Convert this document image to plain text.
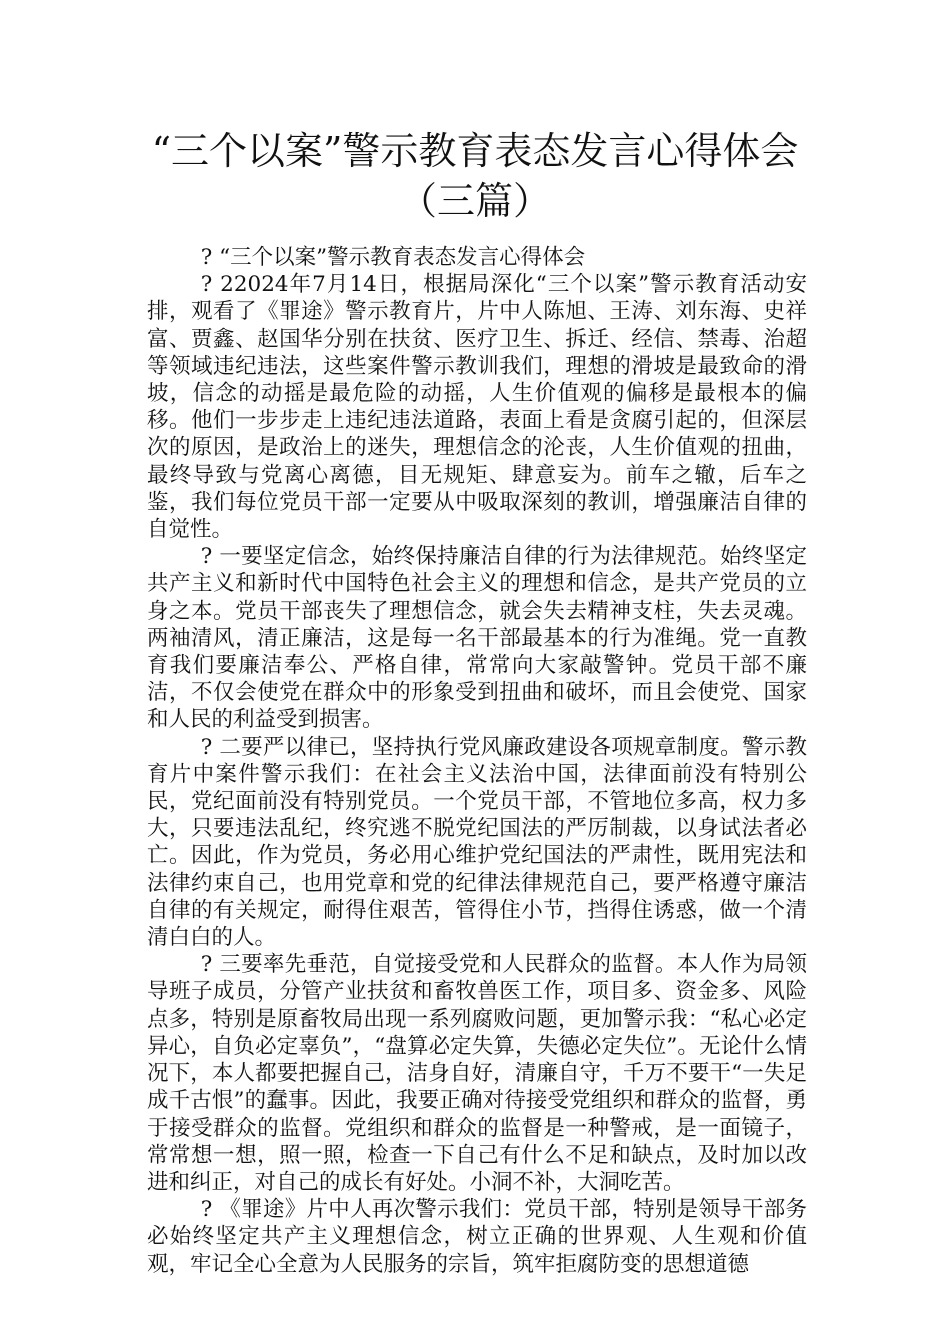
“三个以案”警示教育表态发言心得体会
（三篇）

? “三个以案”警示教育表态发言心得体会

? 22024年7月14日，根据局深化“三个以案”警示教育活动安排，观看了《罪途》警示教育片，片中人陈旭、王涛、刘东海、史祥富、贾鑫、赵国华分别在扶贫、医疗卫生、拆迁、经信、禁毒、治超等领域违纪违法，这些案件警示教训我们，理想的滑坡是最致命的滑坡，信念的动摇是最危险的动摇，人生价值观的偏移是最根本的偏移。他们一步步走上违纪违法道路，表面上看是贪腐引起的，但深层次的原因，是政治上的迷失，理想信念的沦丧，人生价值观的扭曲，最终导致与党离心离德，目无规矩、肆意妄为。前车之辙，后车之鉴，我们每位党员干部一定要从中吸取深刻的教训，增强廉洁自律的自觉性。

? 一要坚定信念，始终保持廉洁自律的行为法律规范。始终坚定共产主义和新时代中国特色社会主义的理想和信念，是共产党员的立身之本。党员干部丧失了理想信念，就会失去精神支柱，失去灵魂。两袖清风，清正廉洁，这是每一名干部最基本的行为准绳。党一直教育我们要廉洁奉公、严格自律，常常向大家敲警钟。党员干部不廉洁，不仅会使党在群众中的形象受到扭曲和破坏，而且会使党、国家和人民的利益受到损害。

? 二要严以律已，坚持执行党风廉政建设各项规章制度。警示教育片中案件警示我们：在社会主义法治中国，法律面前没有特别公民，党纪面前没有特别党员。一个党员干部，不管地位多高，权力多大，只要违法乱纪，终究逃不脱党纪国法的严厉制裁，以身试法者必亡。因此，作为党员，务必用心维护党纪国法的严肃性，既用宪法和法律约束自己，也用党章和党的纪律法律规范自己，要严格遵守廉洁自律的有关规定，耐得住艰苦，管得住小节，挡得住诱惑，做一个清清白白的人。

? 三要率先垂范，自觉接受党和人民群众的监督。本人作为局领导班子成员，分管产业扶贫和畜牧兽医工作，项目多、资金多、风险点多，特别是原畜牧局出现一系列腐败问题，更加警示我：“私心必定异心，自负必定辜负”，“盘算必定失算，失德必定失位”。无论什么情况下，本人都要把握自己，洁身自好，清廉自守，千万不要干“一失足成千古恨”的蠢事。因此，我要正确对待接受党组织和群众的监督，勇于接受群众的监督。党组织和群众的监督是一种警戒，是一面镜子，常常想一想，照一照，检查一下自己有什么不足和缺点，及时加以改进和纠正，对自己的成长有好处。小洞不补，大洞吃苦。

? 《罪途》片中人再次警示我们：党员干部，特别是领导干部务必始终坚定共产主义理想信念，树立正确的世界观、人生观和价值观，牢记全心全意为人民服务的宗旨，筑牢拒腐防变的思想道德
